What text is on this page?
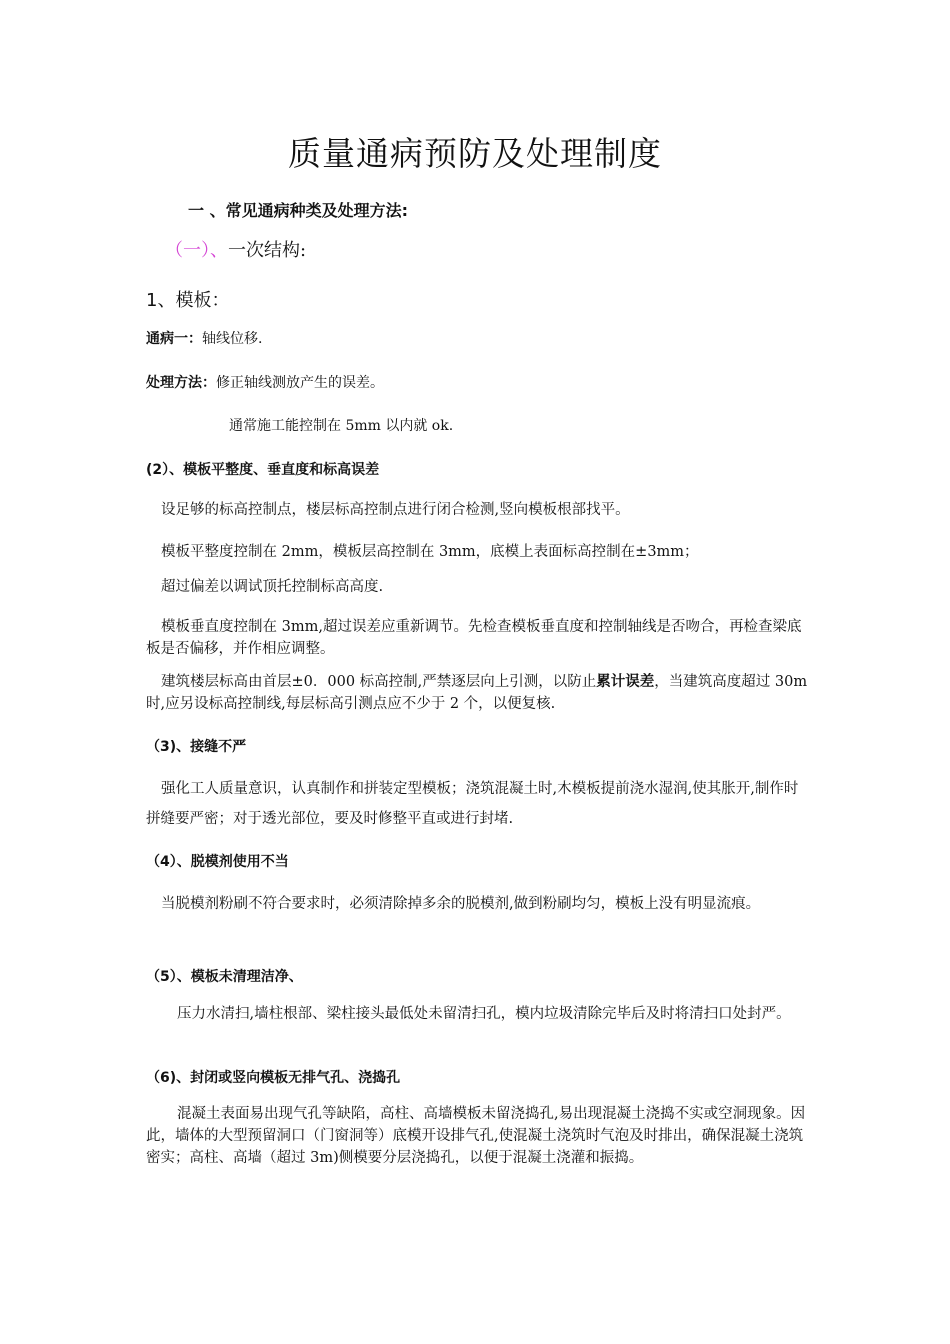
质量通病预防及处理制度
一 、常见通病种类及处理方法:
（一）、一次结构:
1、模板：
通病一：轴线位移.
处理方法：修正轴线测放产生的误差。
通常施工能控制在 5mm 以内就 ok.
(2）、模板平整度、垂直度和标高误差
设足够的标高控制点，楼层标高控制点进行闭合检测,竖向模板根部找平。
模板平整度控制在 2mm，模板层高控制在 3mm，底模上表面标高控制在±3mm；
超过偏差以调试顶托控制标高高度.
模板垂直度控制在 3mm,超过误差应重新调节。先检查模板垂直度和控制轴线是否吻合，再检查梁底板是否偏移，并作相应调整。
建筑楼层标高由首层±0．000 标高控制,严禁逐层向上引测，以防止累计误差，当建筑高度超过 30m 时,应另设标高控制线,每层标高引测点应不少于 2 个，以便复核.
（3)、接缝不严
强化工人质量意识，认真制作和拼装定型模板；浇筑混凝土时,木模板提前浇水湿润,使其胀开,制作时拼缝要严密；对于透光部位，要及时修整平直或进行封堵.
（4）、脱模剂使用不当
当脱模剂粉刷不符合要求时，必须清除掉多余的脱模剂,做到粉刷均匀，模板上没有明显流痕。
（5）、模板未清理洁净、
压力水清扫,墙柱根部、梁柱接头最低处未留清扫孔，模内垃圾清除完毕后及时将清扫口处封严。
（6)、封闭或竖向模板无排气孔、浇捣孔
混凝土表面易出现气孔等缺陷，高柱、高墙模板未留浇捣孔,易出现混凝土浇捣不实或空洞现象。因此，墙体的大型预留洞口（门窗洞等）底模开设排气孔,使混凝土浇筑时气泡及时排出，确保混凝土浇筑密实；高柱、高墙（超过 3m)侧模要分层浇捣孔，以便于混凝土浇灌和振捣。
